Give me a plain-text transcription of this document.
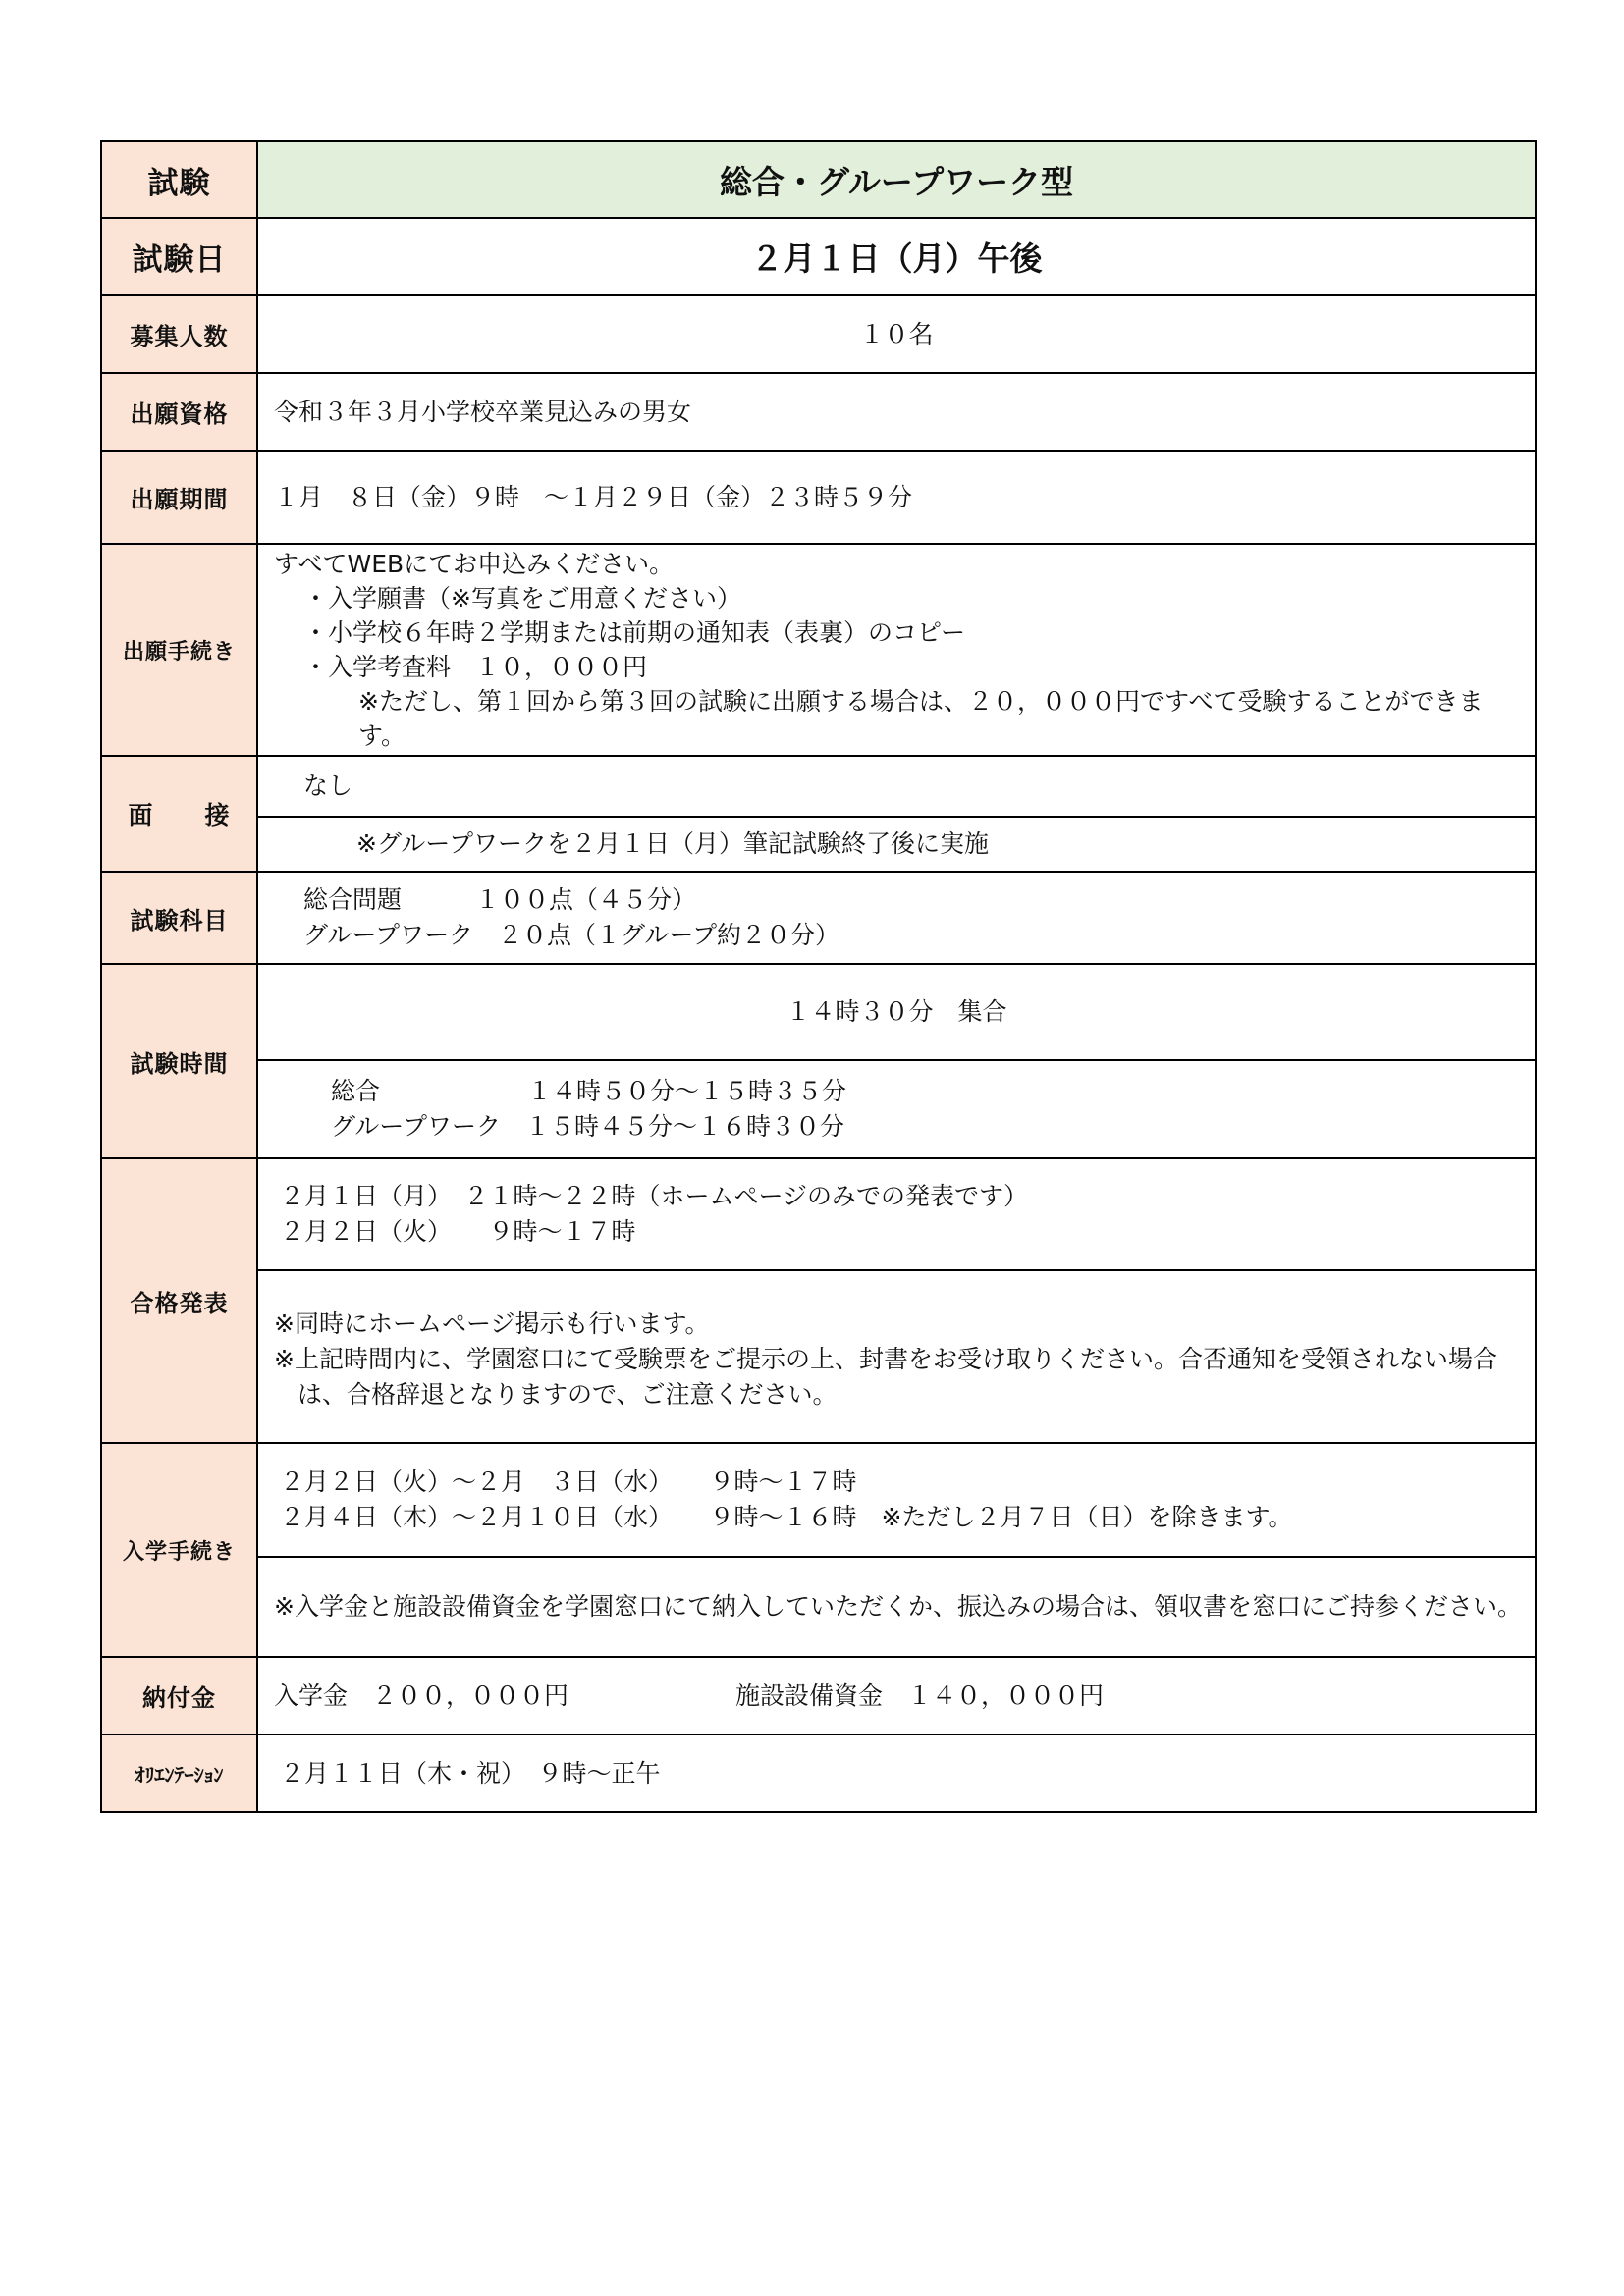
試験	総合・グループワーク型
試験日	２月１日（月）午後
募集人数	１０名
出願資格	令和３年３月小学校卒業見込みの男女
出願期間	１月　８日（金）９時　～１月２９日（金）２３時５９分
出願手続き	すべてWEBにてお申込みください。
・入学願書（※写真をご用意ください）
・小学校６年時２学期または前期の通知表（表裏）のコピー
・入学考査料　１０，０００円
※ただし、第１回から第３回の試験に出願する場合は、２０，０００円ですべて受験することができます。

面　　接	なし
	※グループワークを２月１日（月）筆記試験終了後に実施
試験科目	総合問題　　　１００点（４５分）
グループワーク　２０点（１グループ約２０分）

試験時間	１４時３０分　集合

	総合　　　　　　１４時５０分～１５時３５分
グループワーク　１５時４５分～１６時３０分

合格発表	２月１日（月）　２１時～２２時（ホームページのみでの発表です）
２月２日（火）　　９時～１７時

	※同時にホームページ掲示も行います。
※上記時間内に、学園窓口にて受験票をご提示の上、封書をお受け取りください。合否通知を受領されない場合は、合格辞退となりますので、ご注意ください。

入学手続き	２月２日（火）～２月　３日（水）　　９時～１７時
２月４日（木）～２月１０日（水）　　９時～１６時　※ただし２月７日（日）を除きます。

	※入学金と施設設備資金を学園窓口にて納入していただくか、振込みの場合は、領収書を窓口にご持参ください。

納付金	入学金　２００，０００円 施設設備資金　１４０，０００円
ｵﾘｴﾝﾃｰｼｮﾝ	２月１１日（木・祝）　９時～正午
